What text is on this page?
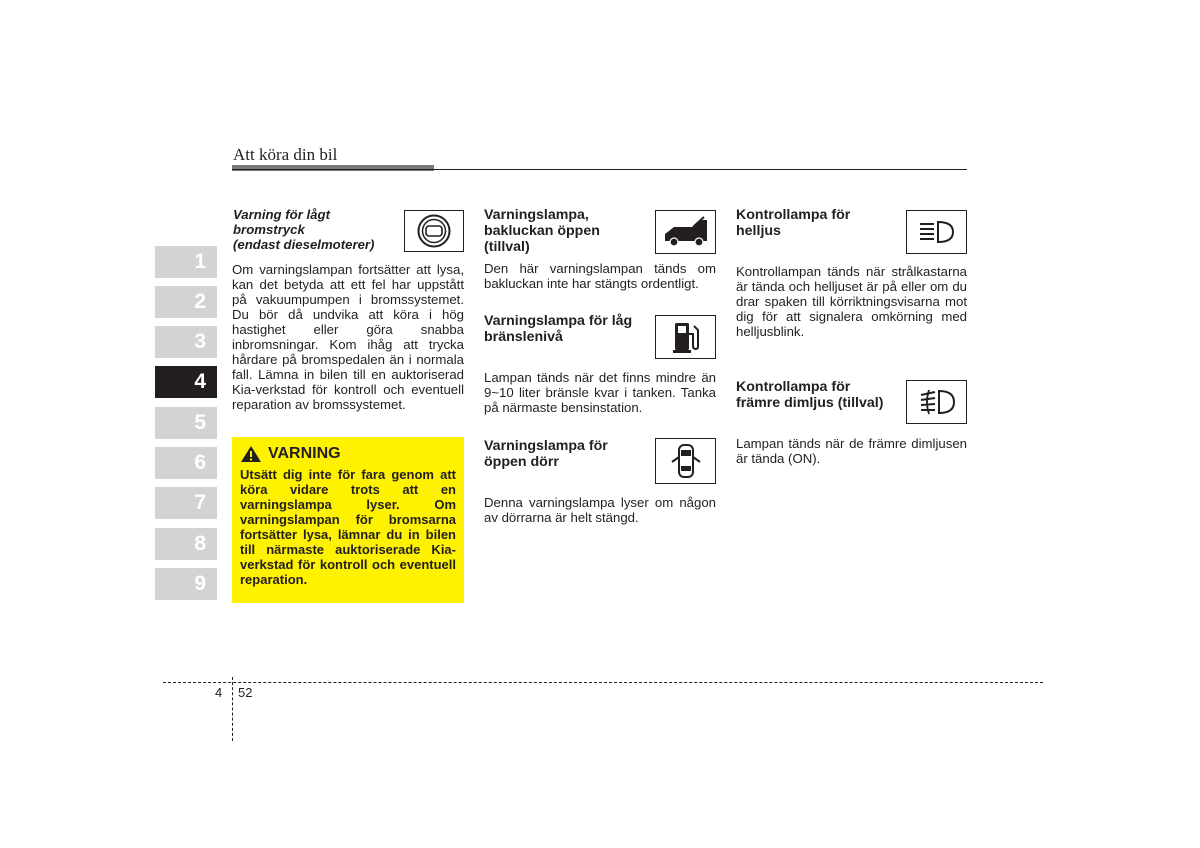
Att köra din bil
1
2
3
4
5
6
7
8
9
Varning för lågt
bromstryck
(endast dieselmoterer)
Om varningslampan fortsätter att lysa, kan det betyda att ett fel har uppstått på vakuumpumpen i bromssystemet. Du bör då undvika att köra i hög hastighet eller göra snabba inbromsningar. Kom ihåg att trycka hårdare på bromspedalen än i normala fall. Lämna in bilen till en auktoriserad Kia-verkstad för kontroll och eventuell reparation av bromssystemet.
VARNING
Utsätt dig inte för fara genom att köra vidare trots att en varningslampa lyser. Om varningslampan för bromsarna fortsätter lysa, lämnar du in bilen till närmaste auktoriserade Kia-verkstad för kontroll och eventuell reparation.
Varningslampa,
bakluckan öppen
(tillval)
Den här varningslampan tänds om bakluckan inte har stängts ordentligt.
Varningslampa för låg
bränslenivå
Lampan tänds när det finns mindre än 9~10 liter bränsle kvar i tanken. Tanka på närmaste bensinstation.
Varningslampa för
öppen dörr
Denna varningslampa lyser om någon av dörrarna är helt stängd.
Kontrollampa för
helljus
Kontrollampan tänds när strålkastarna är tända och helljuset är på eller om du drar spaken till körriktningsvisarna mot dig för att signalera omkörning med helljusblink.
Kontrollampa för
främre dimljus (tillval)
Lampan tänds när de främre dimljusen är tända (ON).
4 52
